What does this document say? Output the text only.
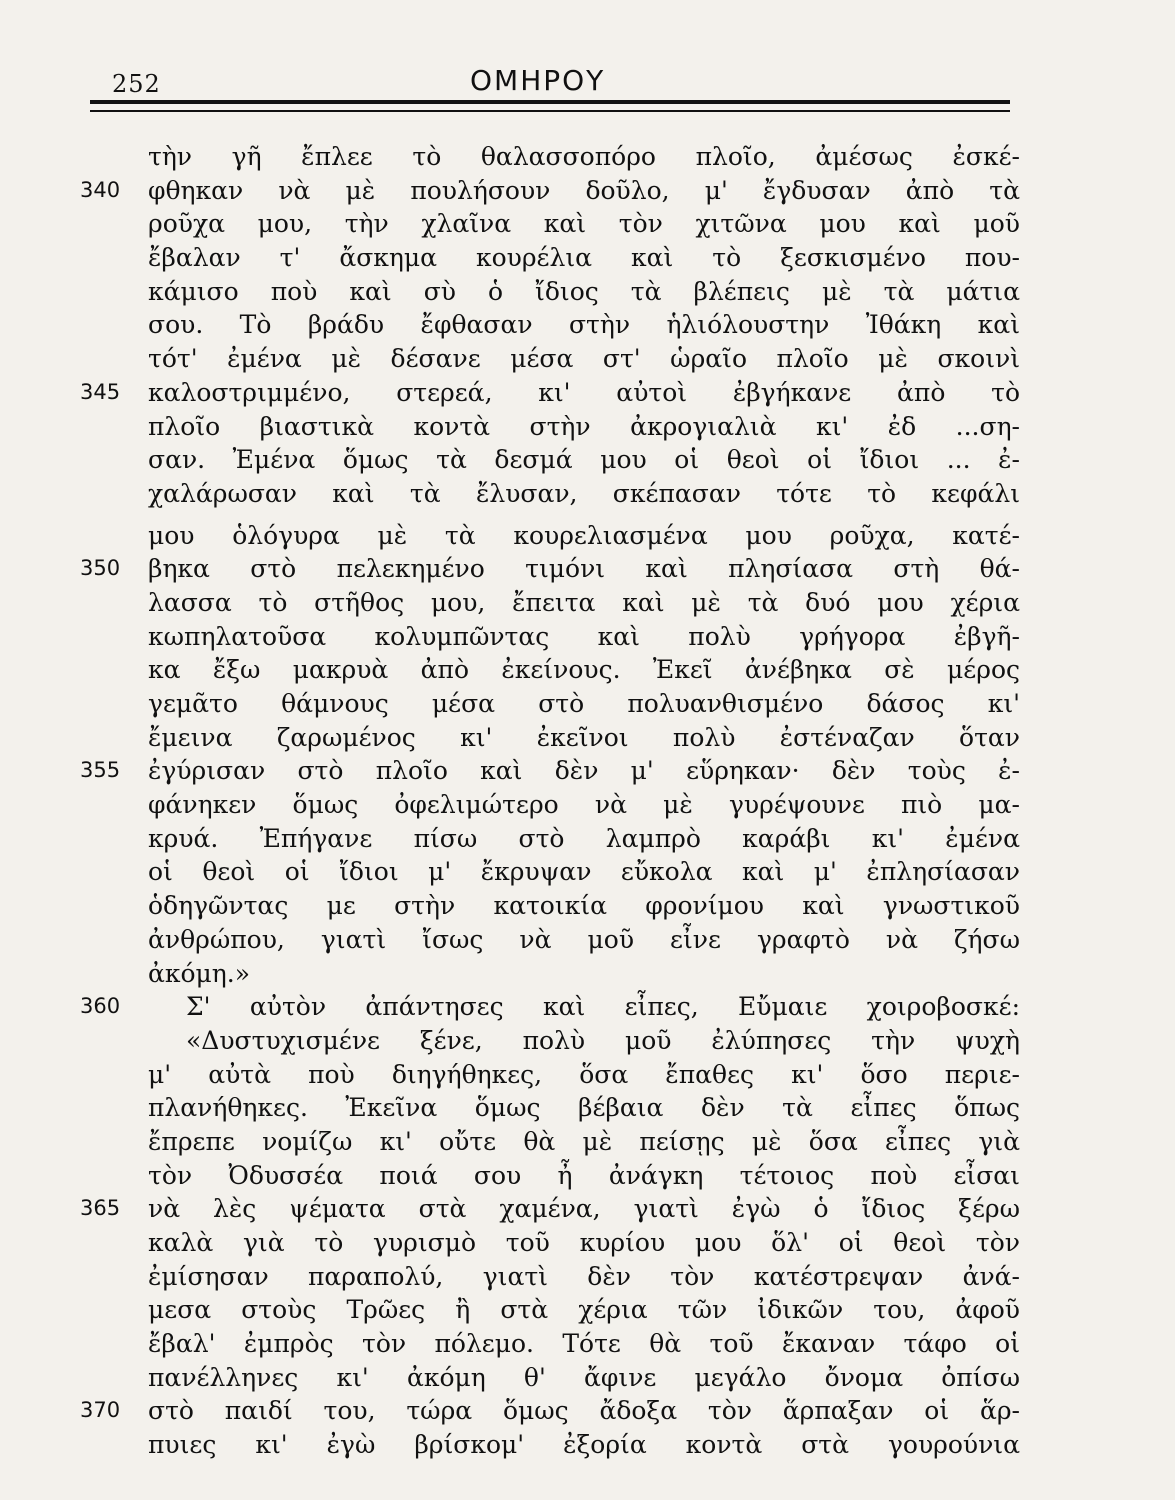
252	ΟΜΗΡΟΥ
τὴν γῆ ἔπλεε τὸ θαλασσοπόρο πλοῖο, ἀμέσως ἐσκέ-
340	φθηκαν νὰ μὲ πουλήσουν δοῦλο, μ' ἔγδυσαν ἀπὸ τὰ
ροῦχα μου, τὴν χλαῖνα καὶ τὸν χιτῶνα μου καὶ μοῦ
ἔβαλαν τ' ἄσκημα κουρέλια καὶ τὸ ξεσκισμένο που-
κάμισο ποὺ καὶ σὺ ὁ ἴδιος τὰ βλέπεις μὲ τὰ μάτια
σου. Τὸ βράδυ ἔφθασαν στὴν ἡλιόλουστην Ἰθάκη καὶ
τότ' ἐμένα μὲ δέσανε μέσα στ' ὡραῖο πλοῖο μὲ σκοινὶ
345	καλοστριμμένο, στερεά, κι' αὐτοὶ ἐβγήκανε ἀπὸ τὸ
πλοῖο βιαστικὰ κοντὰ στὴν ἀκρογιαλιὰ κι' ἐδ ...ση-
σαν. Ἐμένα ὅμως τὰ δεσμά μου οἱ θεοὶ οἱ ἴδιοι ... ἐ-
χαλάρωσαν καὶ τὰ ἔλυσαν, σκέπασαν τότε τὸ κεφάλι
μου ὁλόγυρα μὲ τὰ κουρελιασμένα μου ροῦχα, κατέ-
350	βηκα στὸ πελεκημένο τιμόνι καὶ πλησίασα στὴ θά-
λασσα τὸ στῆθος μου, ἔπειτα καὶ μὲ τὰ δυό μου χέρια
κωπηλατοῦσα κολυμπῶντας καὶ πολὺ γρήγορα ἐβγῆ-
κα ἔξω μακρυὰ ἀπὸ ἐκείνους. Ἐκεῖ ἀνέβηκα σὲ μέρος
γεμᾶτο θάμνους μέσα στὸ πολυανθισμένο δάσος κι'
ἔμεινα ζαρωμένος κι' ἐκεῖνοι πολὺ ἐστέναζαν ὅταν
355	ἐγύρισαν στὸ πλοῖο καὶ δὲν μ' εὕρηκαν· δὲν τοὺς ἐ-
φάνηκεν ὅμως ὀφελιμώτερο νὰ μὲ γυρέψουνε πιὸ μα-
κρυά. Ἐπήγανε πίσω στὸ λαμπρὸ καράβι κι' ἐμένα
οἱ θεοὶ οἱ ἴδιοι μ' ἔκρυψαν εὔκολα καὶ μ' ἐπλησίασαν
ὁδηγῶντας με στὴν κατοικία φρονίμου καὶ γνωστικοῦ
ἀνθρώπου, γιατὶ ἴσως νὰ μοῦ εἶνε γραφτὸ νὰ ζήσω
ἀκόμη.»
360	Σ' αὐτὸν ἀπάντησες καὶ εἶπες, Εὔμαιε χοιροβοσκέ:
«Δυστυχισμένε ξένε, πολὺ μοῦ ἐλύπησες τὴν ψυχὴ
μ' αὐτὰ ποὺ διηγήθηκες, ὅσα ἔπαθες κι' ὅσο περιε-
πλανήθηκες. Ἐκεῖνα ὅμως βέβαια δὲν τὰ εἶπες ὅπως
ἔπρεπε νομίζω κι' οὔτε θὰ μὲ πείσῃς μὲ ὅσα εἶπες γιὰ
τὸν Ὀδυσσέα ποιά σου ἦ ἀνάγκη τέτοιος ποὺ εἶσαι
365	νὰ λὲς ψέματα στὰ χαμένα, γιατὶ ἐγὼ ὁ ἴδιος ξέρω
καλὰ γιὰ τὸ γυρισμὸ τοῦ κυρίου μου ὅλ' οἱ θεοὶ τὸν
ἐμίσησαν παραπολύ, γιατὶ δὲν τὸν κατέστρεψαν ἀνά-
μεσα στοὺς Τρῶες ἢ στὰ χέρια τῶν ἰδικῶν του, ἀφοῦ
ἔβαλ' ἐμπρὸς τὸν πόλεμο. Τότε θὰ τοῦ ἔκαναν τάφο οἱ
πανέλληνες κι' ἀκόμη θ' ἄφινε μεγάλο ὄνομα ὀπίσω
370	στὸ παιδί του, τώρα ὅμως ἄδοξα τὸν ἅρπαξαν οἱ ἅρ-
πυιες κι' ἐγὼ βρίσκομ' ἐξορία κοντὰ στὰ γουρούνια
